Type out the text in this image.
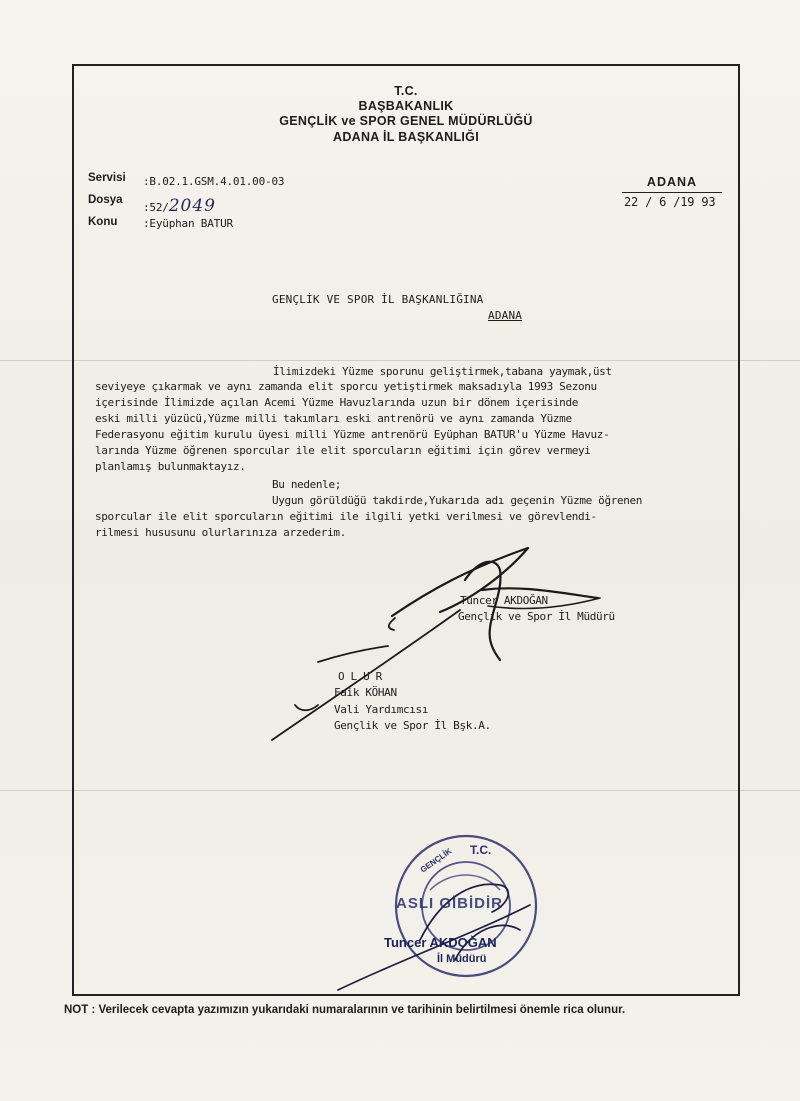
T.C.
BAŞBAKANLIK
GENÇLİK ve SPOR GENEL MÜDÜRLÜĞÜ
ADANA İL BAŞKANLIĞI
Servisi :B.02.1.GSM.4.01.00-03
Dosya
:52/2049
Konu :Eyüphan BATUR
ADANA
22 / 6 /19 93
GENÇLİK VE SPOR İL BAŞKANLIĞINA
ADANA
İlimizdeki Yüzme sporunu geliştirmek,tabana yaymak,üst
seviyeye çıkarmak ve aynı zamanda elit sporcu yetiştirmek maksadıyla 1993 Sezonu
içerisinde İlimizde açılan Acemi Yüzme Havuzlarında uzun bir dönem içerisinde
eski milli yüzücü,Yüzme milli takımları eski antrenörü ve aynı zamanda Yüzme
Federasyonu eğitim kurulu üyesi milli Yüzme antrenörü Eyüphan BATUR'u Yüzme Havuz-
larında Yüzme öğrenen sporcular ile elit sporcuların eğitimi için görev vermeyi
planlamış bulunmaktayız.
Bu nedenle;
Uygun görüldüğü takdirde,Yukarıda adı geçenin Yüzme öğrenen
sporcular ile elit sporcuların eğitimi ile ilgili yetki verilmesi ve görevlendi-
rilmesi hususunu olurlarınıza arzederim.
Tuncer AKDOĞAN
Gençlik ve Spor İl Müdürü
O L U R
Faik KÖHAN
Vali Yardımcısı
Gençlik ve Spor İl Bşk.A.
T.C.
GENÇLİK
ASLI GİBİDİR
Tuncer AKDOĞAN
İl Müdürü
NOT : Verilecek cevapta yazımızın yukarıdaki numaralarının ve tarihinin belirtilmesi önemle rica olunur.
